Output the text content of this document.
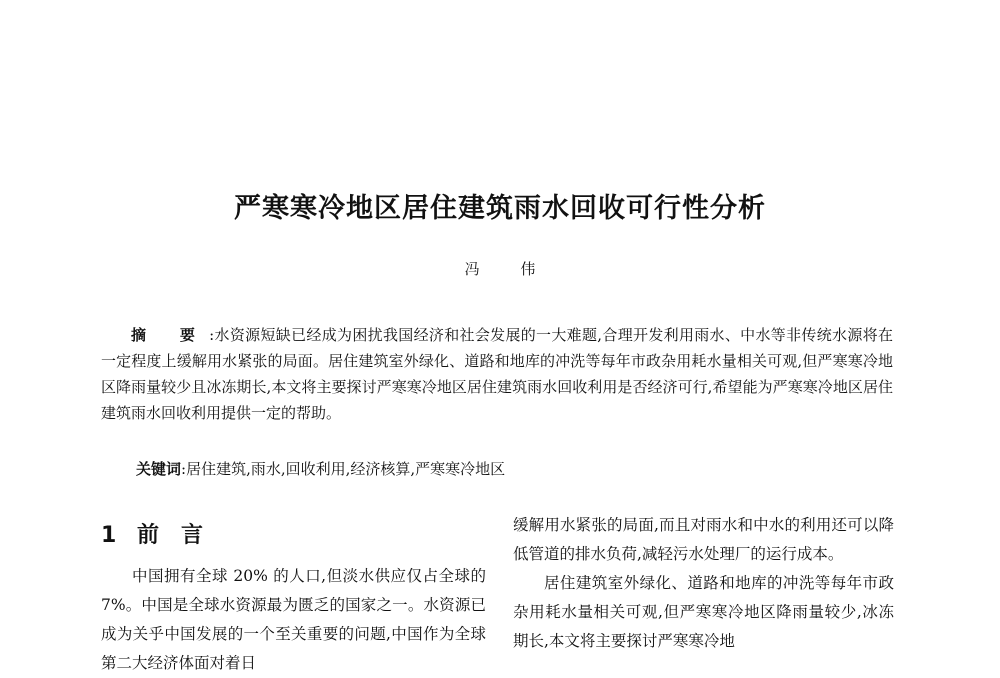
严寒寒冷地区居住建筑雨水回收可行性分析
冯 伟
摘 要:水资源短缺已经成为困扰我国经济和社会发展的一大难题,合理开发利用雨水、中水等非传统水源将在一定程度上缓解用水紧张的局面。居住建筑室外绿化、道路和地库的冲洗等每年市政杂用耗水量相关可观,但严寒寒冷地区降雨量较少且冰冻期长,本文将主要探讨严寒寒冷地区居住建筑雨水回收利用是否经济可行,希望能为严寒寒冷地区居住建筑雨水回收利用提供一定的帮助。
关键词:居住建筑,雨水,回收利用,经济核算,严寒寒冷地区
1 前言

中国拥有全球 20% 的人口,但淡水供应仅占全球的7%。中国是全球水资源最为匮乏的国家之一。水资源已成为关乎中国发展的一个至关重要的问题,中国作为全球第二大经济体面对着日

缓解用水紧张的局面,而且对雨水和中水的利用还可以降低管道的排水负荷,减轻污水处理厂的运行成本。

居住建筑室外绿化、道路和地库的冲洗等每年市政杂用耗水量相关可观,但严寒寒冷地区降雨量较少,冰冻期长,本文将主要探讨严寒寒冷地
